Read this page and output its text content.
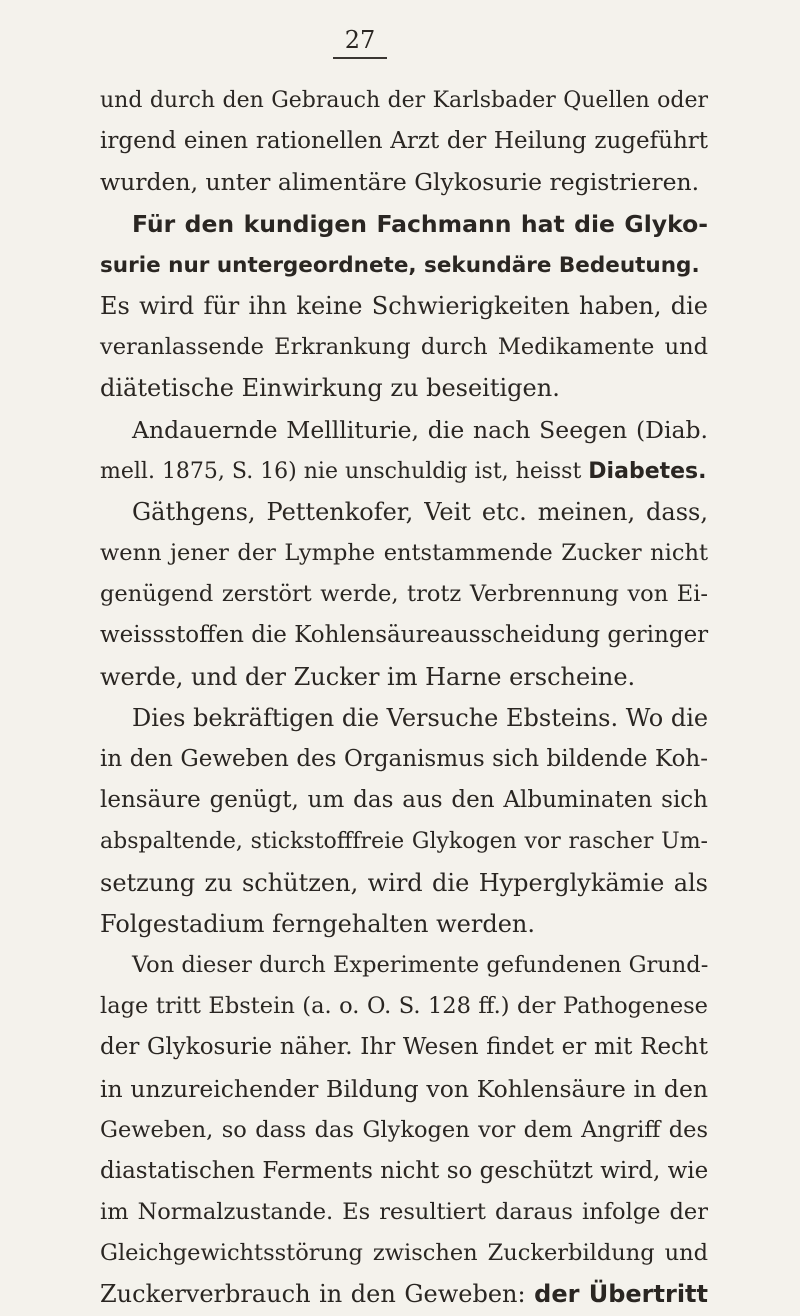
27
und durch den Gebrauch der Karlsbader Quellen oder
irgend einen rationellen Arzt der Heilung zugeführt
wurden, unter alimentäre Glykosurie registrieren.
Für den kundigen Fachmann hat die Glyko-
surie nur untergeordnete, sekundäre Bedeutung.
Es wird für ihn keine Schwierigkeiten haben, die
veranlassende Erkrankung durch Medikamente und
diätetische Einwirkung zu beseitigen.
Andauernde Mellliturie, die nach Seegen (Diab.
mell. 1875, S. 16) nie unschuldig ist, heisst Diabetes.
Gäthgens, Pettenkofer, Veit etc. meinen, dass,
wenn jener der Lymphe entstammende Zucker nicht
genügend zerstört werde, trotz Verbrennung von Ei-
weissstoffen die Kohlensäureausscheidung geringer
werde, und der Zucker im Harne erscheine.
Dies bekräftigen die Versuche Ebsteins. Wo die
in den Geweben des Organismus sich bildende Koh-
lensäure genügt, um das aus den Albuminaten sich
abspaltende, stickstofffreie Glykogen vor rascher Um-
setzung zu schützen, wird die Hyperglykämie als
Folgestadium ferngehalten werden.
Von dieser durch Experimente gefundenen Grund-
lage tritt Ebstein (a. o. O. S. 128 ff.) der Pathogenese
der Glykosurie näher. Ihr Wesen findet er mit Recht
in unzureichender Bildung von Kohlensäure in den
Geweben, so dass das Glykogen vor dem Angriff des
diastatischen Ferments nicht so geschützt wird, wie
im Normalzustande. Es resultiert daraus infolge der
Gleichgewichtsstörung zwischen Zuckerbildung und
Zuckerverbrauch in den Geweben: der Übertritt
